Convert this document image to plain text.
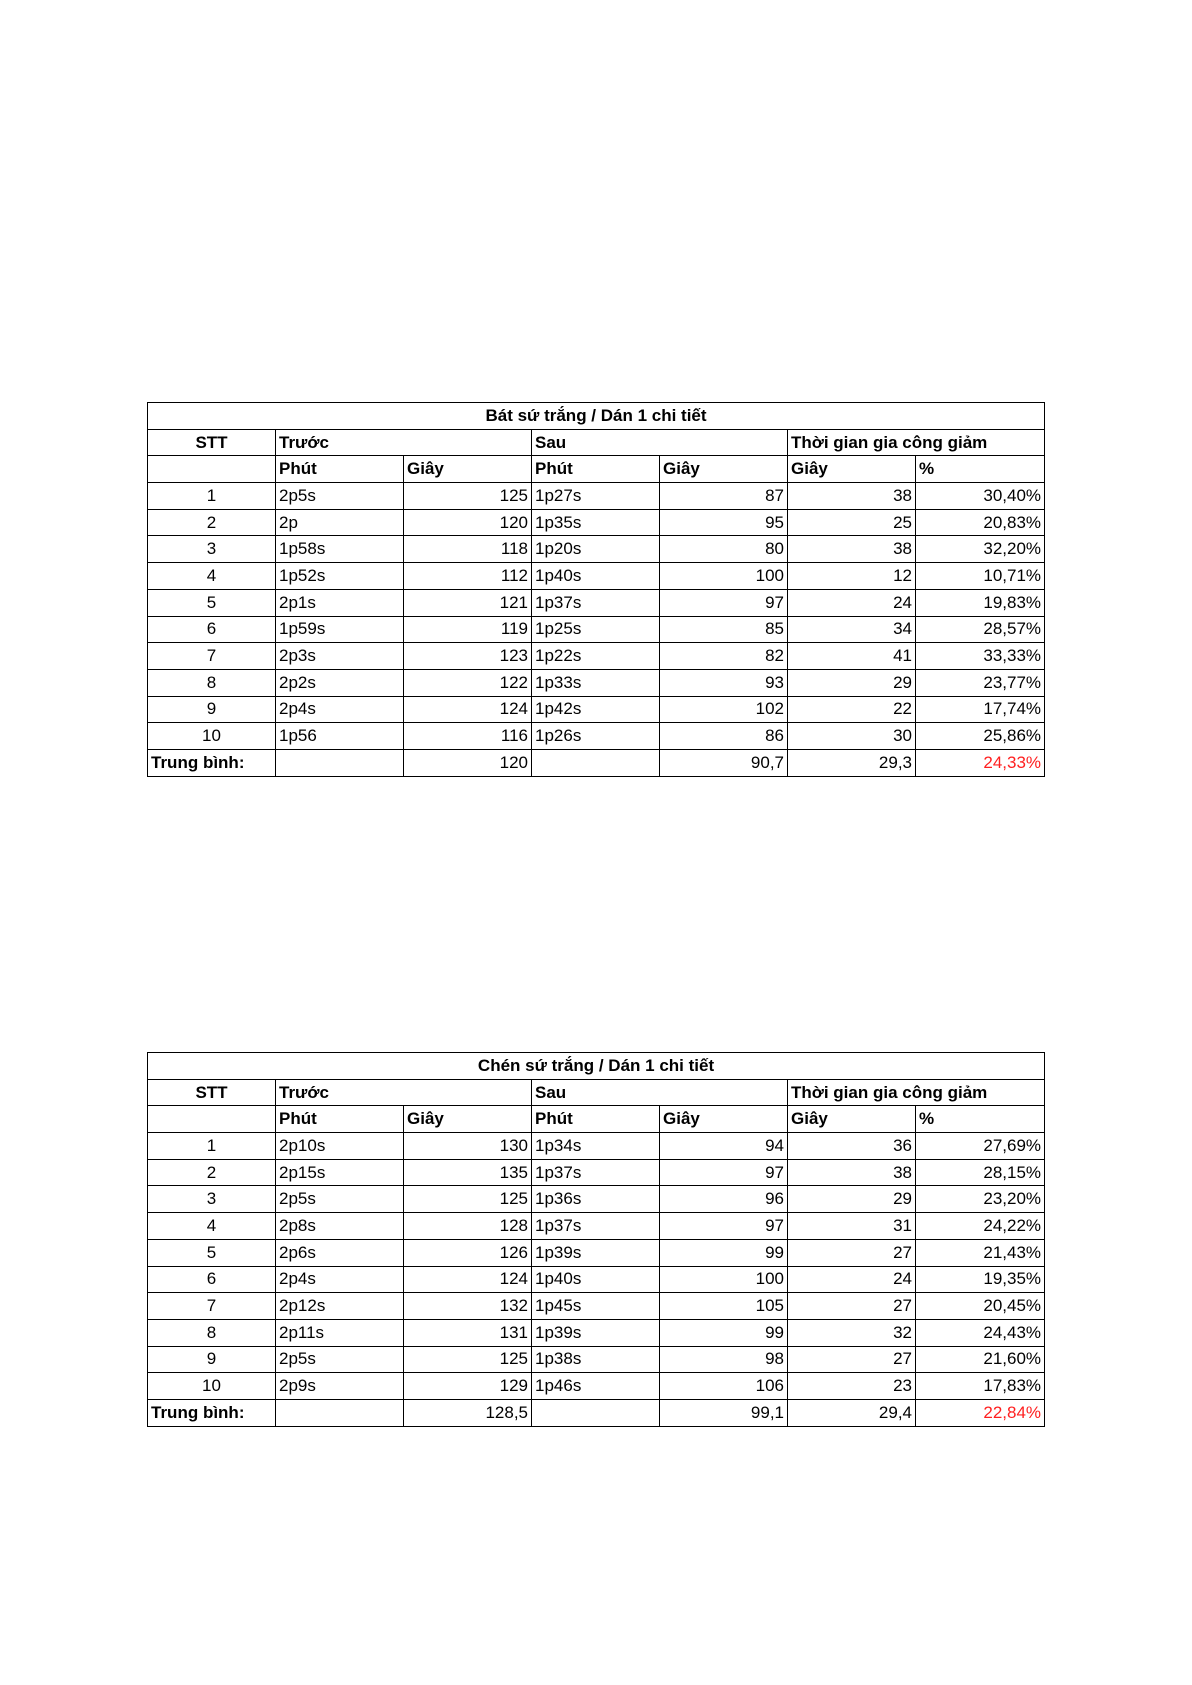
Bát sứ trắng / Dán 1 chi tiết						
STT	Trước		Sau		Thời gian gia công giảm	
	Phút	Giây	Phút	Giây	Giây	%
1	2p5s	125	1p27s	87	38	30,40%
2	2p	120	1p35s	95	25	20,83%
3	1p58s	118	1p20s	80	38	32,20%
4	1p52s	112	1p40s	100	12	10,71%
5	2p1s	121	1p37s	97	24	19,83%
6	1p59s	119	1p25s	85	34	28,57%
7	2p3s	123	1p22s	82	41	33,33%
8	2p2s	122	1p33s	93	29	23,77%
9	2p4s	124	1p42s	102	22	17,74%
10	1p56	116	1p26s	86	30	25,86%
Trung bình:		120		90,7	29,3	24,33%
Chén sứ trắng / Dán 1 chi tiết						
STT	Trước		Sau		Thời gian gia công giảm	
	Phút	Giây	Phút	Giây	Giây	%
1	2p10s	130	1p34s	94	36	27,69%
2	2p15s	135	1p37s	97	38	28,15%
3	2p5s	125	1p36s	96	29	23,20%
4	2p8s	128	1p37s	97	31	24,22%
5	2p6s	126	1p39s	99	27	21,43%
6	2p4s	124	1p40s	100	24	19,35%
7	2p12s	132	1p45s	105	27	20,45%
8	2p11s	131	1p39s	99	32	24,43%
9	2p5s	125	1p38s	98	27	21,60%
10	2p9s	129	1p46s	106	23	17,83%
Trung bình:		128,5		99,1	29,4	22,84%
